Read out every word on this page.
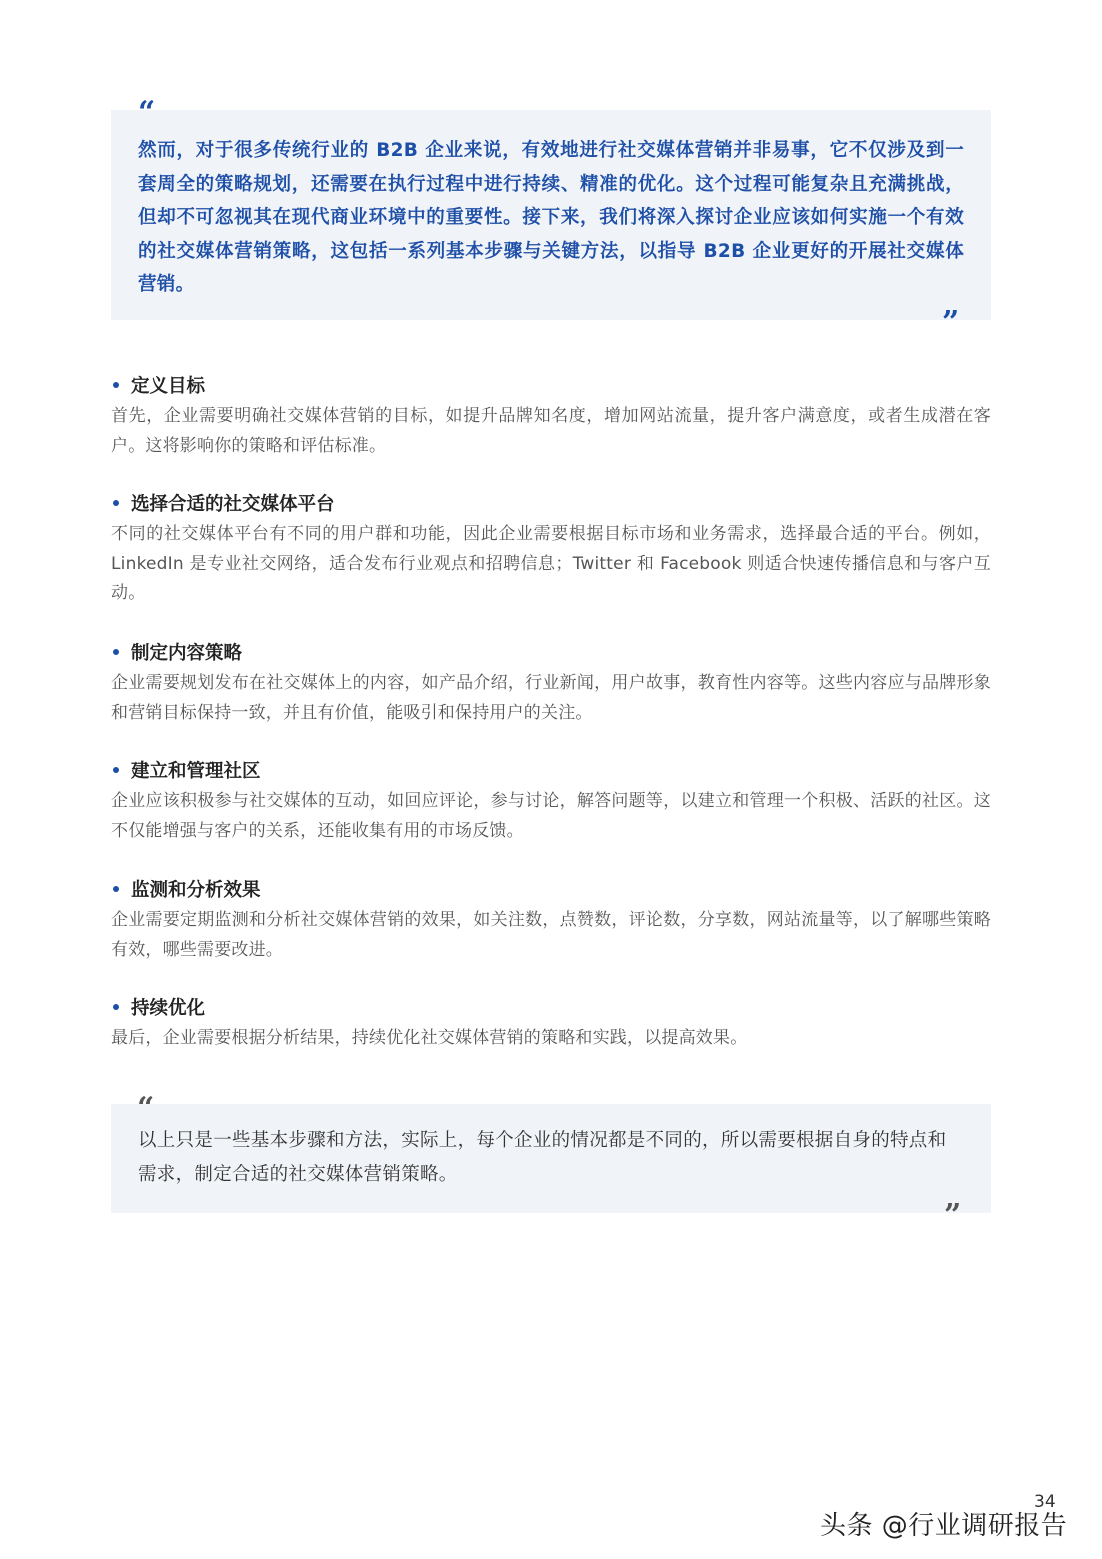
然而，对于很多传统行业的 B2B 企业来说，有效地进行社交媒体营销并非易事，它不仅涉及到一套周全的策略规划，还需要在执行过程中进行持续、精准的优化。这个过程可能复杂且充满挑战，但却不可忽视其在现代商业环境中的重要性。接下来，我们将深入探讨企业应该如何实施一个有效的社交媒体营销策略，这包括一系列基本步骤与关键方法，以指导 B2B 企业更好的开展社交媒体营销。
”
定义目标
首先，企业需要明确社交媒体营销的目标，如提升品牌知名度，增加网站流量，提升客户满意度，或者生成潜在客户。这将影响你的策略和评估标准。
选择合适的社交媒体平台
不同的社交媒体平台有不同的用户群和功能，因此企业需要根据目标市场和业务需求，选择最合适的平台。例如，LinkedIn 是专业社交网络，适合发布行业观点和招聘信息；Twitter 和 Facebook 则适合快速传播信息和与客户互动。
制定内容策略
企业需要规划发布在社交媒体上的内容，如产品介绍，行业新闻，用户故事，教育性内容等。这些内容应与品牌形象和营销目标保持一致，并且有价值，能吸引和保持用户的关注。
建立和管理社区
企业应该积极参与社交媒体的互动，如回应评论，参与讨论，解答问题等，以建立和管理一个积极、活跃的社区。这不仅能增强与客户的关系，还能收集有用的市场反馈。
监测和分析效果
企业需要定期监测和分析社交媒体营销的效果，如关注数，点赞数，评论数，分享数，网站流量等，以了解哪些策略有效，哪些需要改进。
持续优化
最后，企业需要根据分析结果，持续优化社交媒体营销的策略和实践，以提高效果。
以上只是一些基本步骤和方法，实际上，每个企业的情况都是不同的，所以需要根据自身的特点和需求，制定合适的社交媒体营销策略。
”
34
头条 @行业调研报告
